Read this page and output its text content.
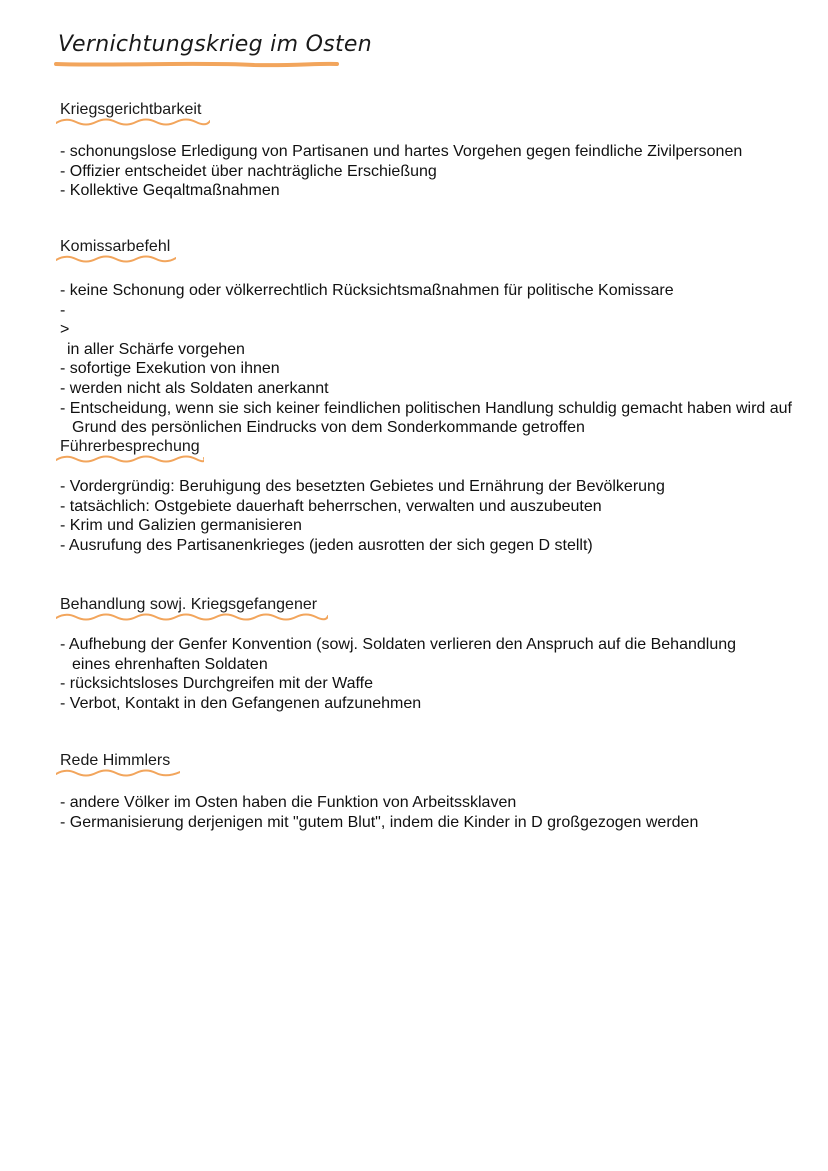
Vernichtungskrieg im Osten
Kriegsgerichtbarkeit
- schonungslose Erledigung von Partisanen und hartes Vorgehen gegen feindliche Zivilpersonen
- Offizier entscheidet über nachträgliche Erschießung
- Kollektive Geqaltmaßnahmen
Komissarbefehl
- keine Schonung oder völkerrechtlich Rücksichtsmaßnahmen für politische Komissare
-
>
in aller Schärfe vorgehen
- sofortige Exekution von ihnen
- werden nicht als Soldaten anerkannt
- Entscheidung, wenn sie sich keiner feindlichen politischen Handlung schuldig gemacht haben wird auf
Grund des persönlichen Eindrucks von dem Sonderkommande getroffen
Führerbesprechung
- Vordergründig: Beruhigung des besetzten Gebietes und Ernährung der Bevölkerung
- tatsächlich: Ostgebiete dauerhaft beherrschen, verwalten und auszubeuten
- Krim und Galizien germanisieren
- Ausrufung des Partisanenkrieges (jeden ausrotten der sich gegen D stellt)
Behandlung sowj. Kriegsgefangener
- Aufhebung der Genfer Konvention (sowj. Soldaten verlieren den Anspruch auf die Behandlung
eines ehrenhaften Soldaten
- rücksichtsloses Durchgreifen mit der Waffe
- Verbot, Kontakt in den Gefangenen aufzunehmen
Rede Himmlers
- andere Völker im Osten haben die Funktion von Arbeitssklaven
- Germanisierung derjenigen mit "gutem Blut", indem die Kinder in D großgezogen werden
